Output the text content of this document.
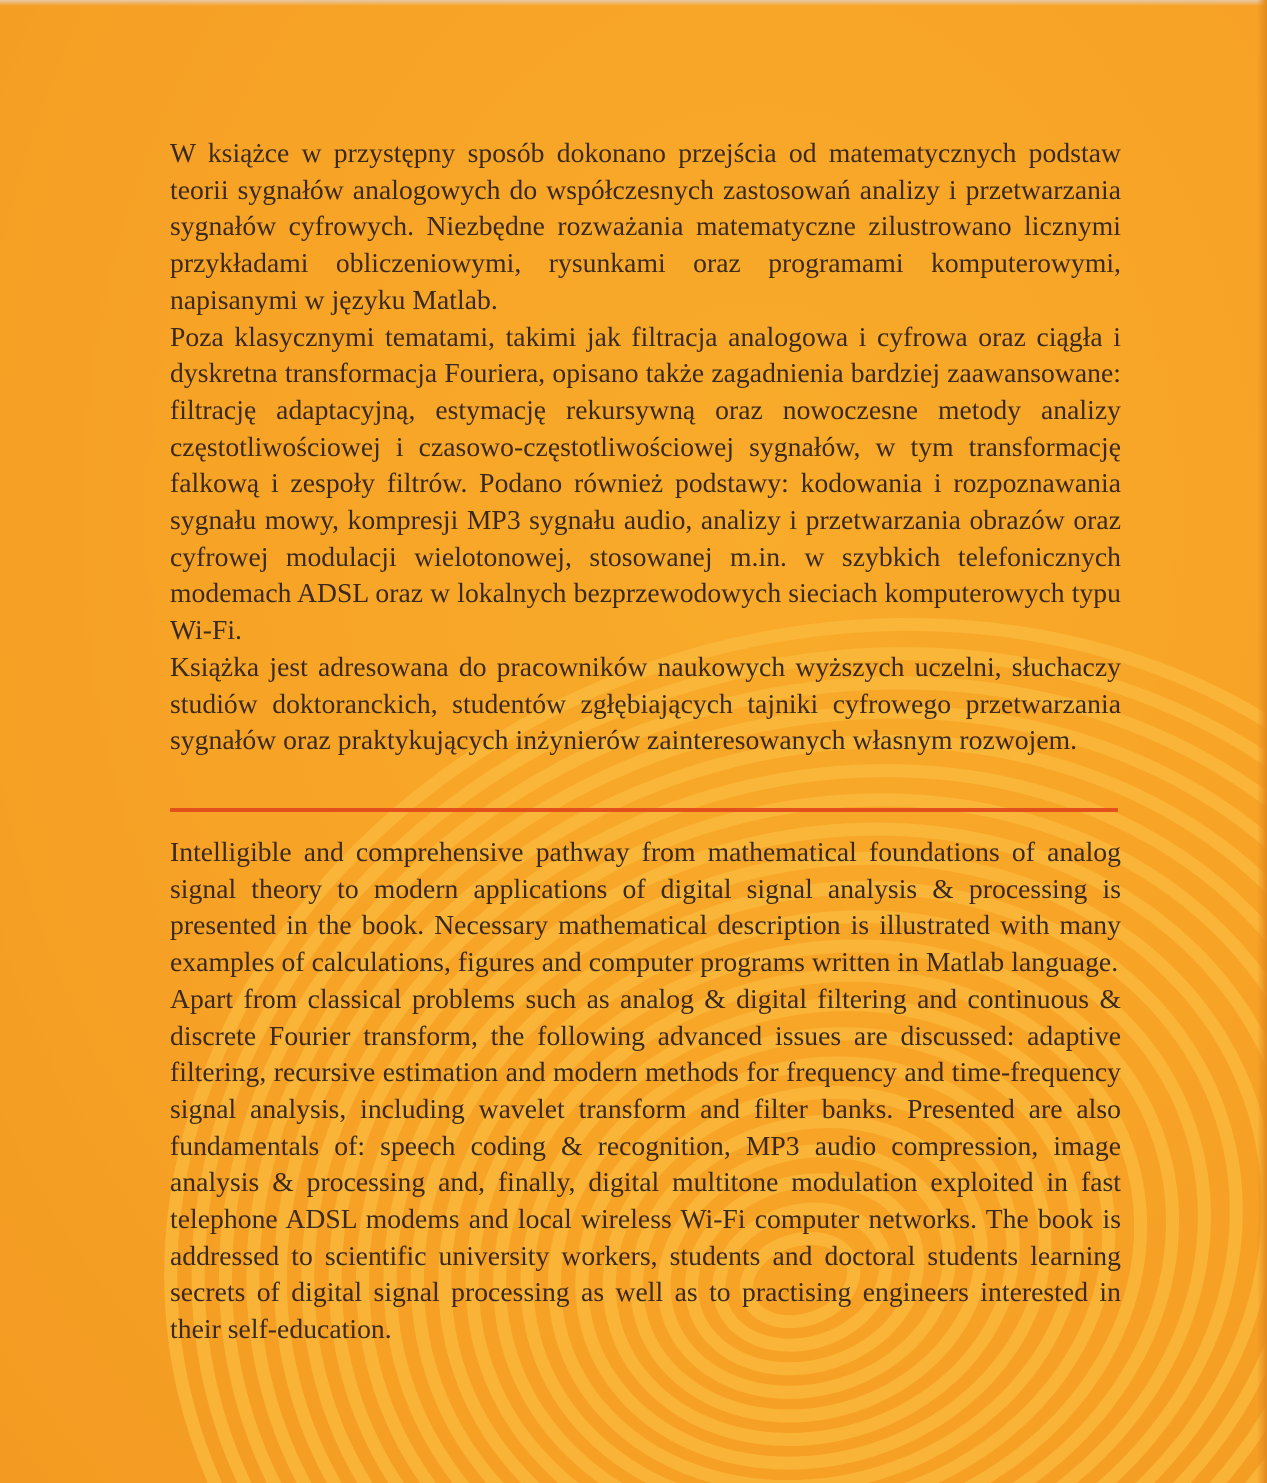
W książce w przystępny sposób dokonano przejścia od matematycznych podstaw teorii sygnałów analogowych do współczesnych zastosowań analizy i przetwarzania sygnałów cyfrowych. Niezbędne rozważania matematyczne zilustrowano licznymi przykładami obliczeniowymi, rysunkami oraz programami komputerowymi, napisanymi w języku Matlab.

Poza klasycznymi tematami, takimi jak filtracja analogowa i cyfrowa oraz ciągła i dyskretna transformacja Fouriera, opisano także zagadnienia bardziej zaawansowane: filtrację adaptacyjną, estymację rekursywną oraz nowoczesne metody analizy częstotliwościowej i czasowo-częstotliwościowej sygnałów, w tym transformację falkową i zespoły filtrów. Podano również podstawy: kodowania i rozpoznawania sygnału mowy, kompresji MP3 sygnału audio, analizy i przetwarzania obrazów oraz cyfrowej modulacji wielotonowej, stosowanej m.in. w szybkich telefonicznych modemach ADSL oraz w lokalnych bezprzewodowych sieciach komputerowych typu Wi-Fi.

Książka jest adresowana do pracowników naukowych wyższych uczelni, słuchaczy studiów doktoranckich, studentów zgłębiających tajniki cyfrowego przetwarzania sygnałów oraz praktykujących inżynierów zainteresowanych własnym rozwojem.

Intelligible and comprehensive pathway from mathematical foundations of analog signal theory to modern applications of digital signal analysis & processing is presented in the book. Necessary mathematical description is illustrated with many examples of calculations, figures and computer programs written in Matlab language.

Apart from classical problems such as analog & digital filtering and continuous & discrete Fourier transform, the following advanced issues are discussed: adaptive filtering, recursive estimation and modern methods for frequency and time-frequency signal analysis, including wavelet transform and filter banks. Presented are also fundamentals of: speech coding & recognition, MP3 audio compression, image analysis & processing and, finally, digital multitone modulation exploited in fast telephone ADSL modems and local wireless Wi-Fi computer networks. The book is addressed to scientific university workers, students and doctoral students learning secrets of digital signal processing as well as to practising engineers interested in their self-education.
